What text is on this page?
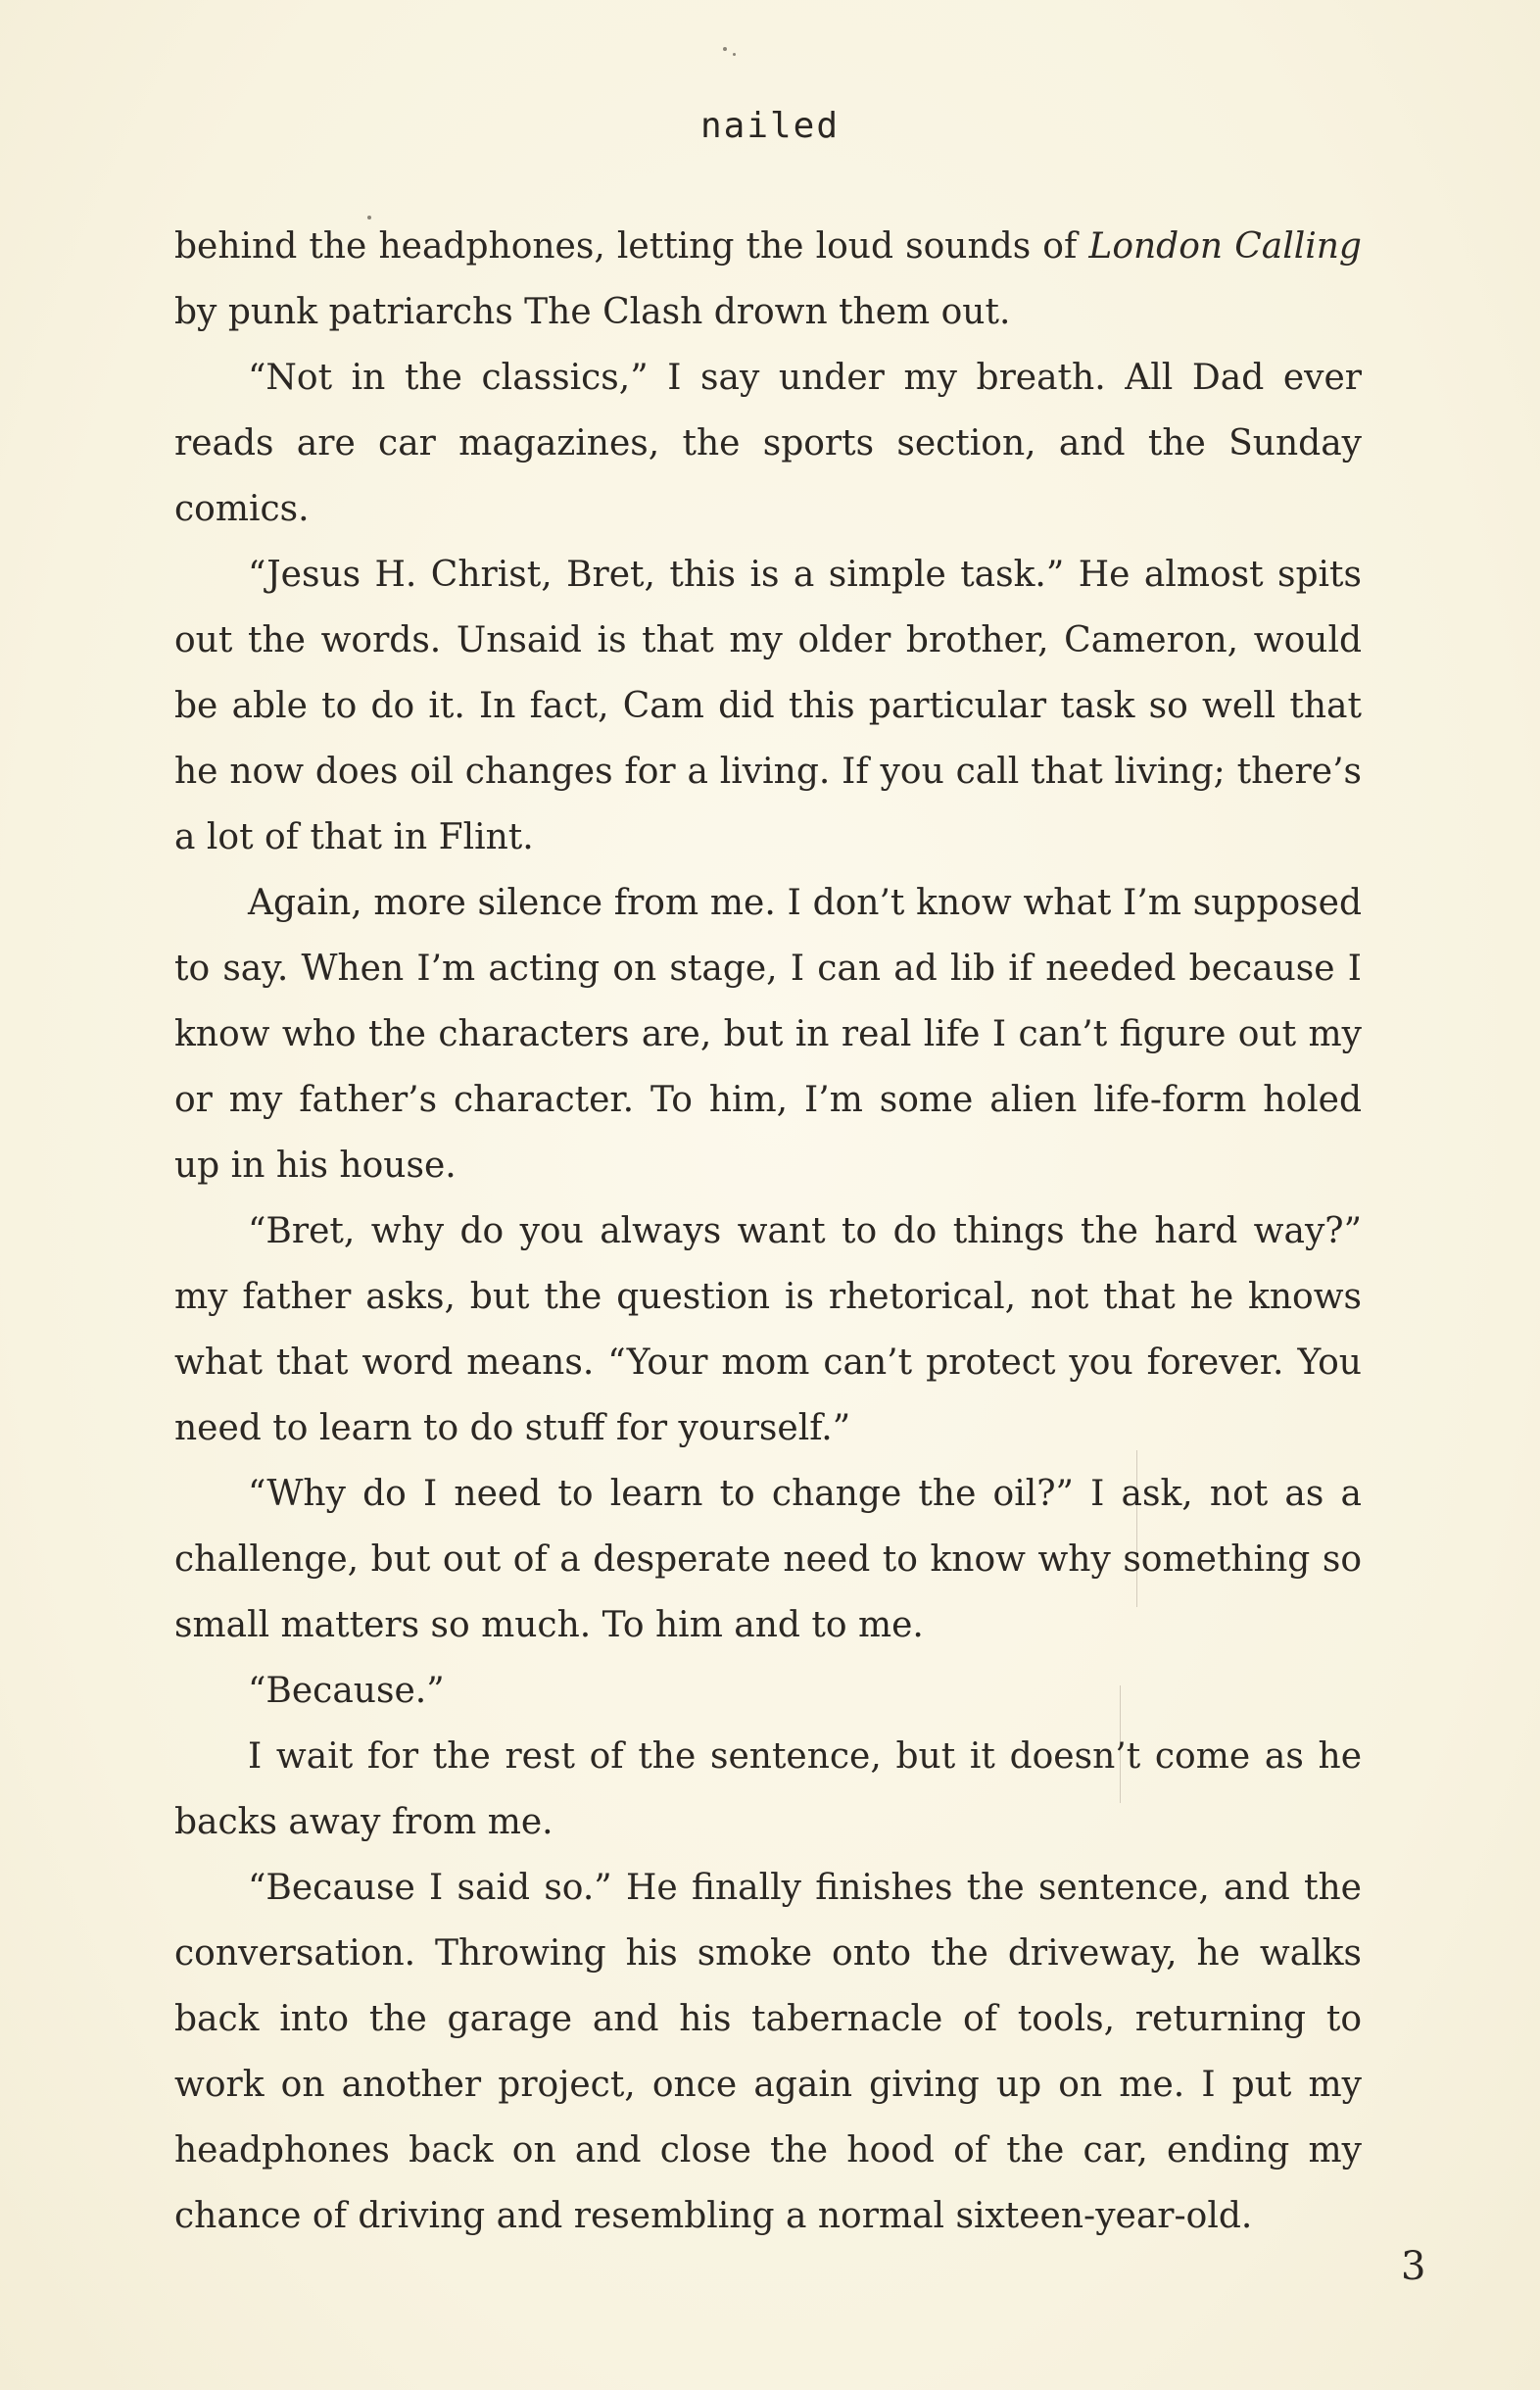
nailed

behind the headphones, letting the loud sounds of London Calling by punk patriarchs The Clash drown them out.

“Not in the classics,” I say under my breath. All Dad ever reads are car magazines, the sports section, and the Sunday comics.

“Jesus H. Christ, Bret, this is a simple task.” He almost spits out the words. Unsaid is that my older brother, Cameron, would be able to do it. In fact, Cam did this particular task so well that he now does oil changes for a living. If you call that living; there’s a lot of that in Flint.

Again, more silence from me. I don’t know what I’m supposed to say. When I’m acting on stage, I can ad lib if needed because I know who the characters are, but in real life I can’t figure out my or my father’s character. To him, I’m some alien life-form holed up in his house.

“Bret, why do you always want to do things the hard way?” my father asks, but the question is rhetorical, not that he knows what that word means. “Your mom can’t protect you forever. You need to learn to do stuff for yourself.”

“Why do I need to learn to change the oil?” I ask, not as a challenge, but out of a desperate need to know why something so small matters so much. To him and to me.

“Because.”

I wait for the rest of the sentence, but it doesn’t come as he backs away from me.

“Because I said so.” He finally finishes the sentence, and the conversation. Throwing his smoke onto the driveway, he walks back into the garage and his tabernacle of tools, returning to work on another project, once again giving up on me. I put my headphones back on and close the hood of the car, ending my chance of driving and resembling a normal sixteen-year-old.

3
